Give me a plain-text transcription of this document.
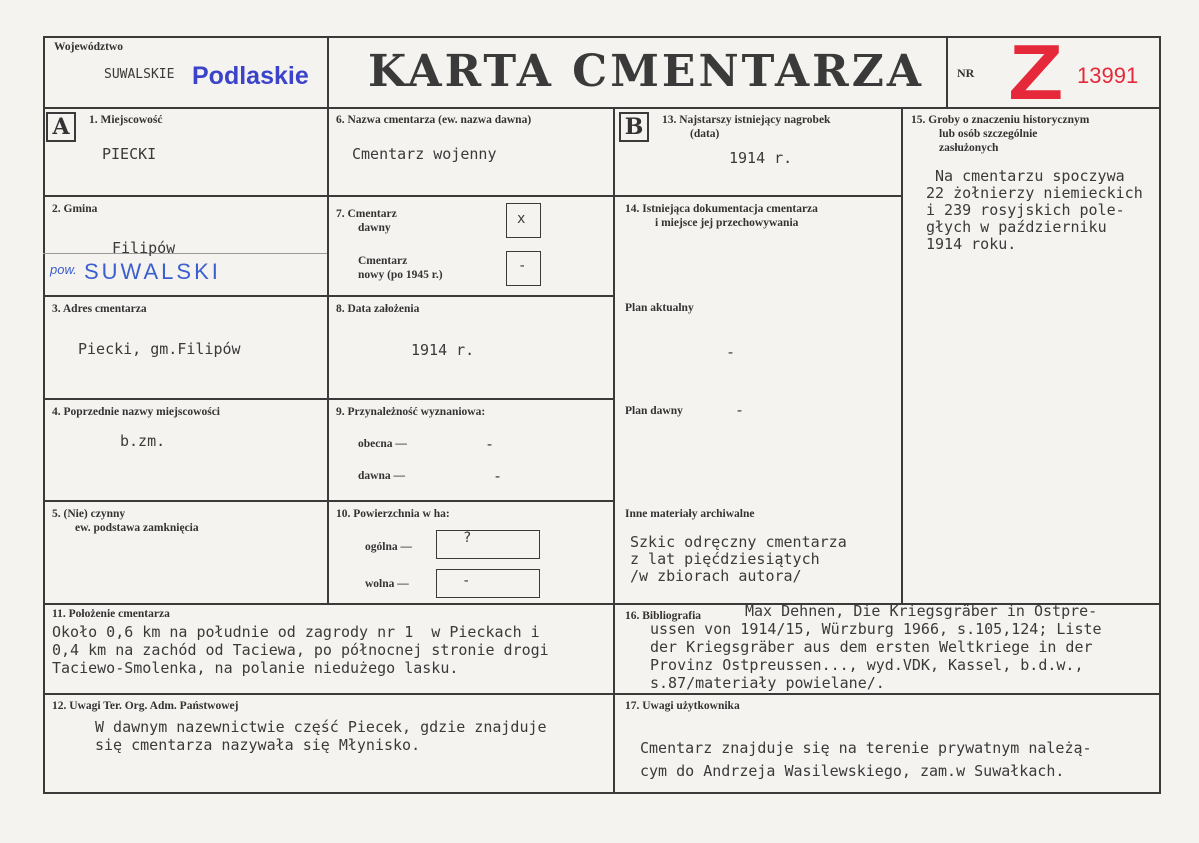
Województwo
SUWALSKIE Podlaskie KARTA CMENTARZA	NR Z 13991
A	B
1. Miejscowość
PIECKI
2. Gmina
Filipów
pow. SUWALSKI
3. Adres cmentarza
Piecki, gm.Filipów
4. Poprzednie nazwy miejscowości
b.zm.
5. (Nie) czynny
ew. podstawa zamknięcia
6. Nazwa cmentarza (ew. nazwa dawna)
Cmentarz wojenny
7. Cmentarz
dawny
x
Cmentarz
nowy (po 1945 r.)
-
8. Data założenia
1914 r.
9. Przynależność wyznaniowa:
obecna —	-
dawna —	-
10. Powierzchnia w ha:
ogólna —
?
wolna —	-
13. Najstarszy istniejący nagrobek
(data)
1914 r.
14. Istniejąca dokumentacja cmentarza
i miejsce jej przechowywania
Plan aktualny
-
Plan dawny	-
Inne materiały archiwalne
Szkic odręczny cmentarza
z lat pięćdziesiątych
/w zbiorach autora/
15. Groby o znaczeniu historycznym
lub osób szczególnie
zasłużonych
Na cmentarzu spoczywa
22 żołnierzy niemieckich
i 239 rosyjskich pole-
głych w październiku
1914 roku.
11. Położenie cmentarza
Około 0,6 km na południe od zagrody nr 1  w Pieckach i
0,4 km na zachód od Taciewa, po północnej stronie drogi
Taciewo-Smolenka, na polanie niedużego lasku.
12. Uwagi Ter. Org. Adm. Państwowej
W dawnym nazewnictwie część Piecek, gdzie znajduje
się cmentarza nazywała się Młynisko.
16. Bibliografia	Max Dehnen, Die Kriegsgräber in Ostpre-
ussen von 1914/15, Würzburg 1966, s.105,124; Liste
der Kriegsgräber aus dem ersten Weltkriege in der
Provinz Ostpreussen..., wyd.VDK, Kassel, b.d.w.,
s.87/materiały powielane/.
17. Uwagi użytkownika
Cmentarz znajduje się na terenie prywatnym należą-
cym do Andrzeja Wasilewskiego, zam.w Suwałkach.
